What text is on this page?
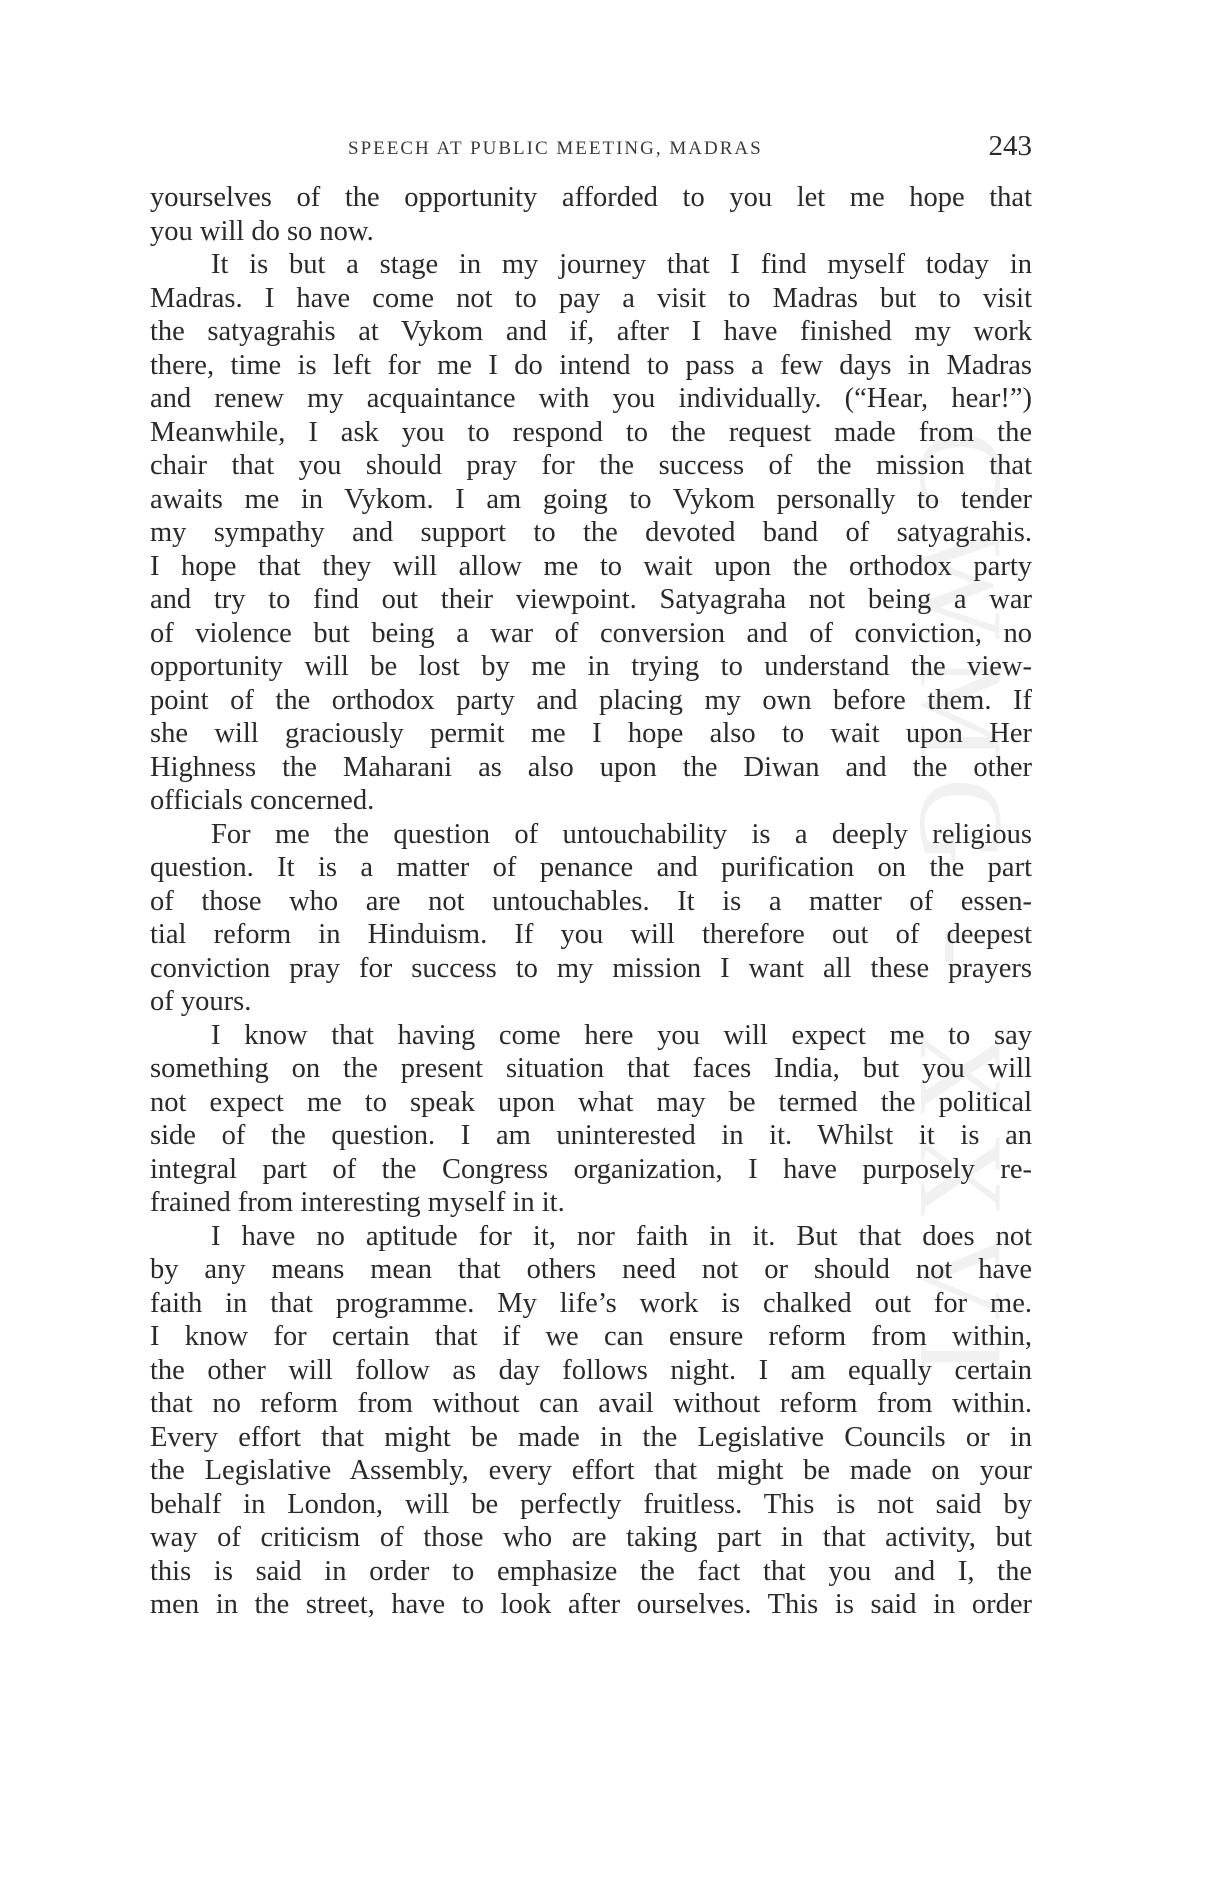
CWMG - XXVI
SPEECH AT PUBLIC MEETING, MADRAS	243
yourselves of the opportunity afforded to you let me hope that
you will do so now.
It is but a stage in my journey that I find myself today in
Madras. I have come not to pay a visit to Madras but to visit
the satyagrahis at Vykom and if, after I have finished my work
there, time is left for me I do intend to pass a few days in Madras
and renew my acquaintance with you individually. (“Hear, hear!”)
Meanwhile, I ask you to respond to the request made from the
chair that you should pray for the success of the mission that
awaits me in Vykom. I am going to Vykom personally to tender
my sympathy and support to the devoted band of satyagrahis.
I hope that they will allow me to wait upon the orthodox party
and try to find out their viewpoint. Satyagraha not being a war
of violence but being a war of conversion and of conviction, no
opportunity will be lost by me in trying to understand the view-
point of the orthodox party and placing my own before them. If
she will graciously permit me I hope also to wait upon Her
Highness the Maharani as also upon the Diwan and the other
officials concerned.
For me the question of untouchability is a deeply religious
question. It is a matter of penance and purification on the part
of those who are not untouchables. It is a matter of essen-
tial reform in Hinduism. If you will therefore out of deepest
conviction pray for success to my mission I want all these prayers
of yours.
I know that having come here you will expect me to say
something on the present situation that faces India, but you will
not expect me to speak upon what may be termed the political
side of the question. I am uninterested in it. Whilst it is an
integral part of the Congress organization, I have purposely re-
frained from interesting myself in it.
I have no aptitude for it, nor faith in it. But that does not
by any means mean that others need not or should not have
faith in that programme. My life’s work is chalked out for me.
I know for certain that if we can ensure reform from within,
the other will follow as day follows night. I am equally certain
that no reform from without can avail without reform from within.
Every effort that might be made in the Legislative Councils or in
the Legislative Assembly, every effort that might be made on your
behalf in London, will be perfectly fruitless. This is not said by
way of criticism of those who are taking part in that activity, but
this is said in order to emphasize the fact that you and I, the
men in the street, have to look after ourselves. This is said in order
